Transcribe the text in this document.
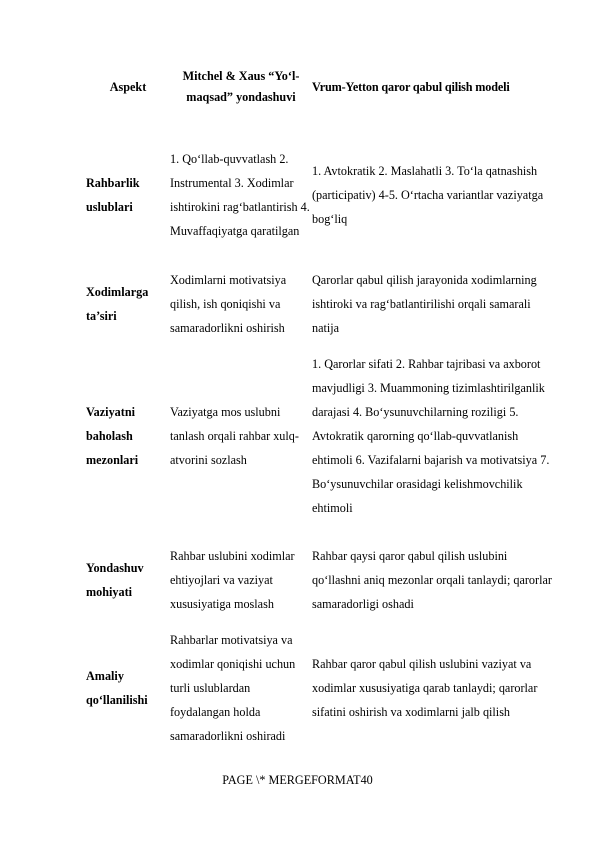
Aspekt	Mitchel & Xaus “Yo‘l-maqsad” yondashuvi	Vrum-Yetton qaror qabul qilish modeli
Rahbarlik uslublari	1. Qo‘llab-quvvatlash 2. Instrumental 3. Xodimlar ishtirokini rag‘batlantirish 4. Muvaffaqiyatga qaratilgan	1. Avtokratik 2. Maslahatli 3. To‘la qatnashish (participativ) 4-5. O‘rtacha variantlar vaziyatga bog‘liq
Xodimlarga ta’siri	Xodimlarni motivatsiya qilish, ish qoniqishi va samaradorlikni oshirish	Qarorlar qabul qilish jarayonida xodimlarning ishtiroki va rag‘batlantirilishi orqali samarali natija
Vaziyatni baholash mezonlari	Vaziyatga mos uslubni tanlash orqali rahbar xulq-atvorini sozlash	1. Qarorlar sifati 2. Rahbar tajribasi va axborot mavjudligi 3. Muammoning tizimlashtirilganlik darajasi 4. Bo‘ysunuvchilarning roziligi 5. Avtokratik qarorning qo‘llab-quvvatlanish ehtimoli 6. Vazifalarni bajarish va motivatsiya 7. Bo‘ysunuvchilar orasidagi kelishmovchilik ehtimoli
Yondashuv mohiyati	Rahbar uslubini xodimlar ehtiyojlari va vaziyat xususiyatiga moslash	Rahbar qaysi qaror qabul qilish uslubini qo‘llashni aniq mezonlar orqali tanlaydi; qarorlar samaradorligi oshadi
Amaliy qo‘llanilishi	Rahbarlar motivatsiya va xodimlar qoniqishi uchun turli uslublardan foydalangan holda samaradorlikni oshiradi	Rahbar qaror qabul qilish uslubini vaziyat va xodimlar xususiyatiga qarab tanlaydi; qarorlar sifatini oshirish va xodimlarni jalb qilish
PAGE \* MERGEFORMAT40
